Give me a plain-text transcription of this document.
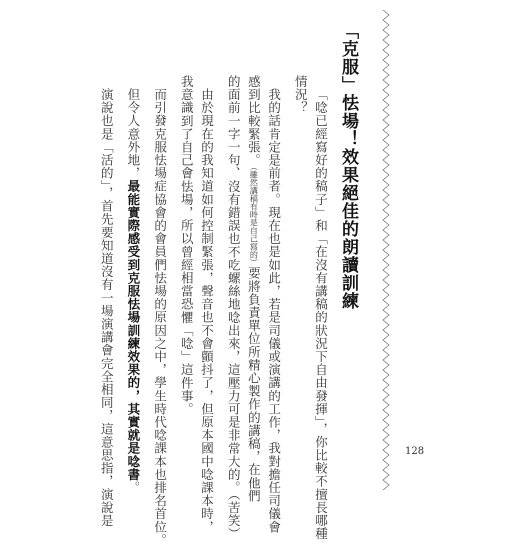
「克服」怯場！效果絕佳的朗讀訓練
「唸已經寫好的稿子」和「在沒有講稿的狀況下自由發揮」，你比較不擅長哪種
情況？
我的話肯定是前者。現在也是如此，若是司儀或演講的工作，我對擔任司儀會
感到比較緊張。（雖然講稿有時是自己寫的）要將負責單位所精心製作的講稿，在他們
的面前一字一句、沒有錯誤也不吃螺絲地唸出來，這壓力可是非常大的。（苦笑）
由於現在的我知道如何控制緊張，聲音也不會顫抖了，但原本國中唸課本時，
我意識到了自己會怯場，所以曾經相當恐懼「唸」這件事。
而引發克服怯場症協會的會員們怯場的原因之中，學生時代唸課本也排名首位。
但令人意外地，最能實際感受到克服怯場訓練效果的，其實就是唸書。
演說也是「活的」，首先要知道沒有一場演講會完全相同，這意思指，演說是	128
